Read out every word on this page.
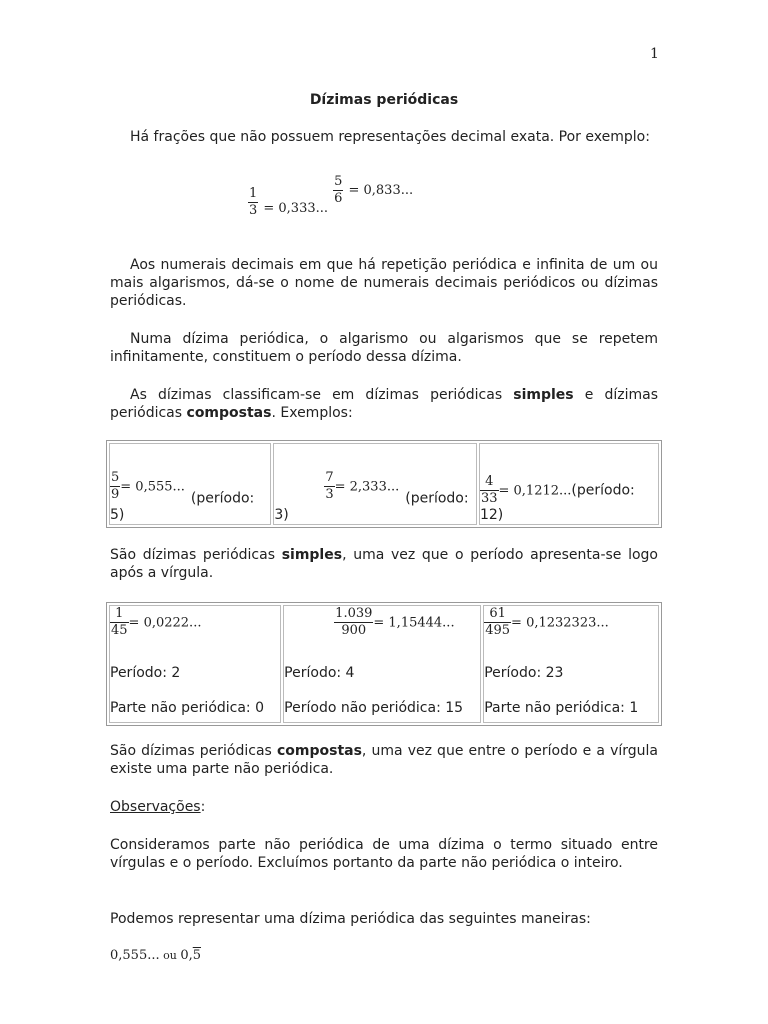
1
Dízimas periódicas

Há frações que não possuem representações decimal exata. Por exemplo:

$\frac{1}{3} _{= 0,333...}$
$\frac{5}{6} ^{= 0,833...}$

Aos numerais decimais em que há repetição periódica e infinita de um ou mais algarismos, dá-se o nome de numerais decimais periódicos ou dízimas periódicas.

Numa dízima periódica, o algarismo ou algarismos que se repetem infinitamente, constituem o período dessa dízima.

As dízimas classificam-se em dízimas periódicas simples e dízimas periódicas compostas. Exemplos:

$\frac{5}{9}$ = 0,555...(período:
5)	
$\frac{7}{3}$ = 2,333...(período:
3)	
$\frac{4}{33}$ = 0,1212...(período:
12)

São dízimas periódicas simples, uma vez que o período apresenta-se logo após a vírgula.

$\frac{1}{45} = 0,0222$...
Período: 2
Parte não periódica: 0

$\frac{1.039}{900} = 1,15444$...
Período: 4
Período não periódica: 15

$\frac{61}{495} = 0,1232323$...
Período: 23
Parte não periódica: 1

São dízimas periódicas compostas, uma vez que entre o período e a vírgula existe uma parte não periódica.

Observações:

Consideramos parte não periódica de uma dízima o termo situado entre vírgulas e o período. Excluímos portanto da parte não periódica o inteiro.

Podemos representar uma dízima periódica das seguintes maneiras:

0,555... ou 0,5
